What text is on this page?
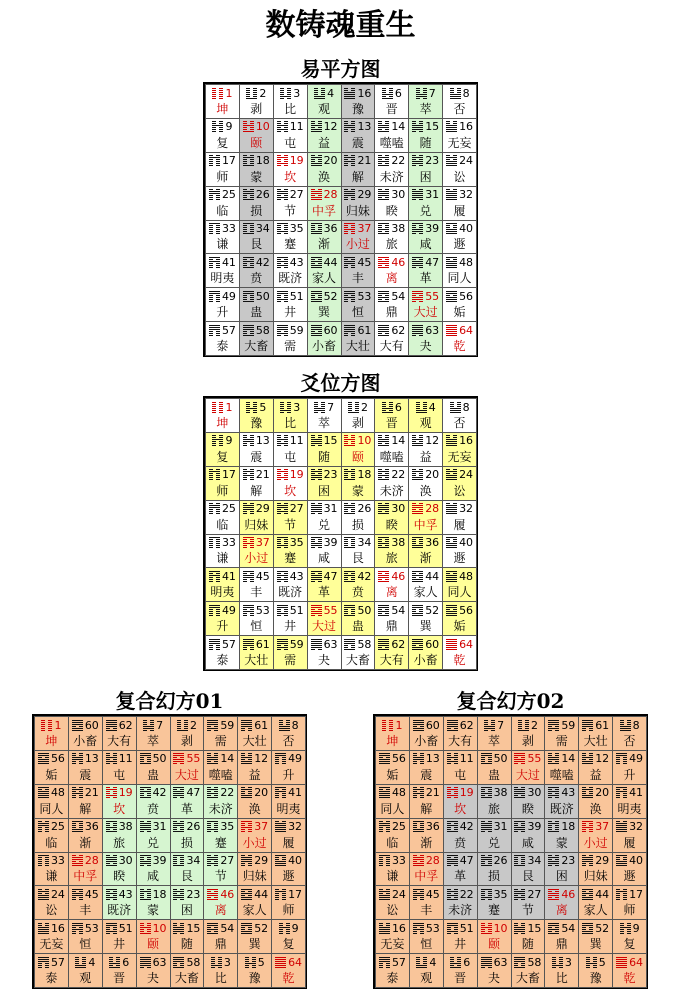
数铸魂重生
易平方图
1
坤
2
剥
3
比
4
观
16
豫
6
晋
7
萃
8
否
9
复
10
颐
11
屯
12
益
13
震
14
噬嗑
15
随
16
无妄
17
师
18
蒙
19
坎
20
涣
21
解
22
未济
23
困
24
讼
25
临
26
损
27
节
28
中孚
29
归妹
30
睽
31
兑
32
履
33
谦
34
艮
35
蹇
36
渐
37
小过
38
旅
39
咸
40
遯
41
明夷
42
贲
43
既济
44
家人
45
丰
46
离
47
革
48
同人
49
升
50
蛊
51
井
52
巽
53
恒
54
鼎
55
大过
56
姤
57
泰
58
大畜
59
需
60
小畜
61
大壮
62
大有
63
夬
64
乾
爻位方图
1
坤
5
豫
3
比
7
萃
2
剥
6
晋
4
观
8
否
9
复
13
震
11
屯
15
随
10
颐
14
噬嗑
12
益
16
无妄
17
师
21
解
19
坎
23
困
18
蒙
22
未济
20
涣
24
讼
25
临
29
归妹
27
节
31
兑
26
损
30
睽
28
中孚
32
履
33
谦
37
小过
35
蹇
39
咸
34
艮
38
旅
36
渐
40
遯
41
明夷
45
丰
43
既济
47
革
42
贲
46
离
44
家人
48
同人
49
升
53
恒
51
井
55
大过
50
蛊
54
鼎
52
巽
56
姤
57
泰
61
大壮
59
需
63
夬
58
大畜
62
大有
60
小畜
64
乾
复合幻方01
1
坤
60
小畜
62
大有
7
萃
2
剥
59
需
61
大壮
8
否
56
姤
13
震
11
屯
50
蛊
55
大过
14
噬嗑
12
益
49
升
48
同人
21
解
19
坎
42
贲
47
革
22
未济
20
涣
41
明夷
25
临
36
渐
38
旅
31
兑
26
损
35
蹇
37
小过
32
履
33
谦
28
中孚
30
睽
39
咸
34
艮
27
节
29
归妹
40
遯
24
讼
45
丰
43
既济
18
蒙
23
困
46
离
44
家人
17
师
16
无妄
53
恒
51
井
10
颐
15
随
54
鼎
52
巽
9
复
57
泰
4
观
6
晋
63
夬
58
大畜
3
比
5
豫
64
乾
复合幻方02
1
坤
60
小畜
62
大有
7
萃
2
剥
59
需
61
大壮
8
否
56
姤
13
震
11
屯
50
蛊
55
大过
14
噬嗑
12
益
49
升
48
同人
21
解
19
坎
38
旅
30
睽
43
既济
20
涣
41
明夷
25
临
36
渐
42
贲
31
兑
39
咸
18
蒙
37
小过
32
履
33
谦
28
中孚
47
革
26
损
34
艮
23
困
29
归妹
40
遯
24
讼
45
丰
22
未济
35
蹇
27
节
46
离
44
家人
17
师
16
无妄
53
恒
51
井
10
颐
15
随
54
鼎
52
巽
9
复
57
泰
4
观
6
晋
63
夬
58
大畜
3
比
5
豫
64
乾
